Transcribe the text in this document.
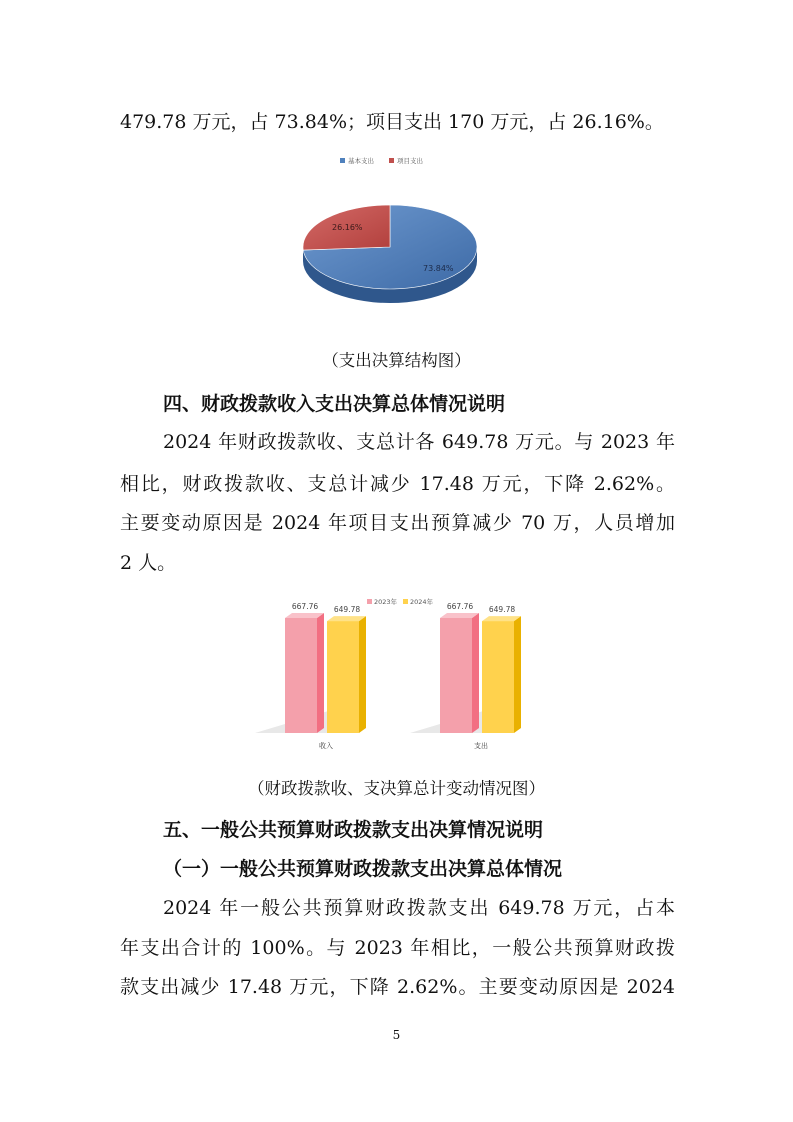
479.78 万元，占 73.84%；项目支出 170 万元，占 26.16%。
基本支出	项目支出
73.84%
26.16%
（支出决算结构图）
四、财政拨款收入支出决算总体情况说明
2024 年财政拨款收、支总计各 649.78 万元。与 2023 年
相比，财政拨款收、支总计减少 17.48 万元，下降 2.62%。
主要变动原因是 2024 年项目支出预算减少 70 万，人员增加
2 人。
2023年 2024年
667.76 649.78
收入
667.76 649.78
支出
（财政拨款收、支决算总计变动情况图）
五、一般公共预算财政拨款支出决算情况说明
（一）一般公共预算财政拨款支出决算总体情况
2024 年一般公共预算财政拨款支出 649.78 万元，占本
年支出合计的 100%。与 2023 年相比，一般公共预算财政拨
款支出减少 17.48 万元，下降 2.62%。主要变动原因是 2024
5
